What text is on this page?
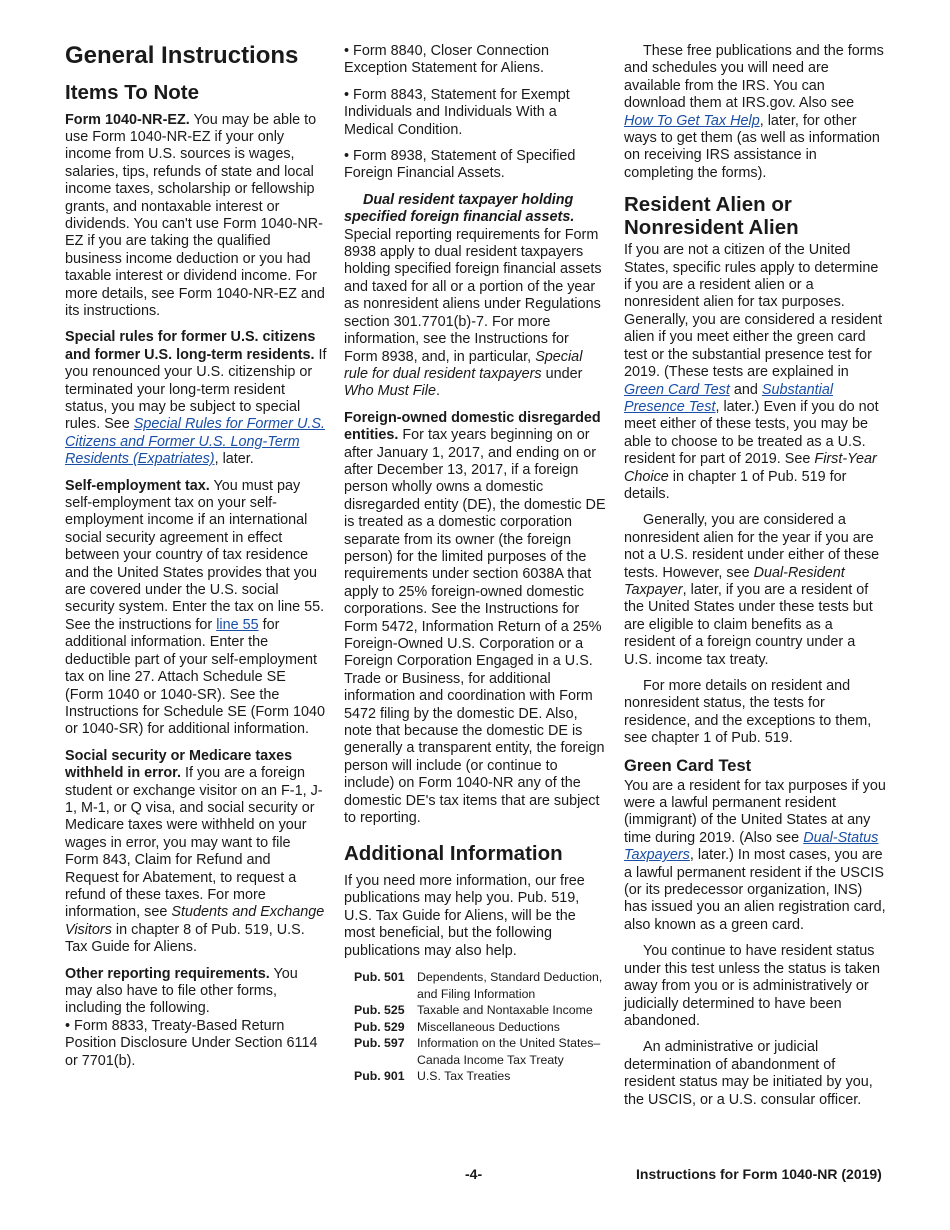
General Instructions
Items To Note

Form 1040-NR-EZ. You may be able to use Form 1040-NR-EZ if your only income from U.S. sources is wages, salaries, tips, refunds of state and local income taxes, scholarship or fellowship grants, and nontaxable interest or dividends. You can't use Form 1040-NR-EZ if you are taking the qualified business income deduction or you had taxable interest or dividend income. For more details, see Form 1040-NR-EZ and its instructions.

Special rules for former U.S. citizens and former U.S. long-term residents. If you renounced your U.S. citizenship or terminated your long-term resident status, you may be subject to special rules. See Special Rules for Former U.S. Citizens and Former U.S. Long-Term Residents (Expatriates), later.

Self-employment tax. You must pay self-employment tax on your self-employment income if an international social security agreement in effect between your country of tax residence and the United States provides that you are covered under the U.S. social security system. Enter the tax on line 55. See the instructions for line 55 for additional information. Enter the deductible part of your self-employment tax on line 27. Attach Schedule SE (Form 1040 or 1040-SR). See the Instructions for Schedule SE (Form 1040 or 1040-SR) for additional information.

Social security or Medicare taxes withheld in error. If you are a foreign student or exchange visitor on an F-1, J-1, M-1, or Q visa, and social security or Medicare taxes were withheld on your wages in error, you may want to file Form 843, Claim for Refund and Request for Abatement, to request a refund of these taxes. For more information, see Students and Exchange Visitors in chapter 8 of Pub. 519, U.S. Tax Guide for Aliens.

Other reporting requirements. You may also have to file other forms, including the following.

• Form 8833, Treaty-Based Return Position Disclosure Under Section 6114 or 7701(b).

• Form 8840, Closer Connection Exception Statement for Aliens.

• Form 8843, Statement for Exempt Individuals and Individuals With a Medical Condition.

• Form 8938, Statement of Specified Foreign Financial Assets.

Dual resident taxpayer holding specified foreign financial assets. Special reporting requirements for Form 8938 apply to dual resident taxpayers holding specified foreign financial assets and taxed for all or a portion of the year as nonresident aliens under Regulations section 301.7701(b)-7. For more information, see the Instructions for Form 8938, and, in particular, Special rule for dual resident taxpayers under Who Must File.

Foreign-owned domestic disregarded entities. For tax years beginning on or after January 1, 2017, and ending on or after December 13, 2017, if a foreign person wholly owns a domestic disregarded entity (DE), the domestic DE is treated as a domestic corporation separate from its owner (the foreign person) for the limited purposes of the requirements under section 6038A that apply to 25% foreign-owned domestic corporations. See the Instructions for Form 5472, Information Return of a 25% Foreign-Owned U.S. Corporation or a Foreign Corporation Engaged in a U.S. Trade or Business, for additional information and coordination with Form 5472 filing by the domestic DE. Also, note that because the domestic DE is generally a transparent entity, the foreign person will include (or continue to include) on Form 1040-NR any of the domestic DE's tax items that are subject to reporting.

Additional Information

If you need more information, our free publications may help you. Pub. 519, U.S. Tax Guide for Aliens, will be the most beneficial, but the following publications may also help.

Pub. 501	Dependents, Standard Deduction, and Filing Information
Pub. 525	Taxable and Nontaxable Income
Pub. 529	Miscellaneous Deductions
Pub. 597	Information on the United States–Canada Income Tax Treaty
Pub. 901	U.S. Tax Treaties

These free publications and the forms and schedules you will need are available from the IRS. You can download them at IRS.gov. Also see How To Get Tax Help, later, for other ways to get them (as well as information on receiving IRS assistance in completing the forms).

Resident Alien or Nonresident Alien

If you are not a citizen of the United States, specific rules apply to determine if you are a resident alien or a nonresident alien for tax purposes. Generally, you are considered a resident alien if you meet either the green card test or the substantial presence test for 2019. (These tests are explained in Green Card Test and Substantial Presence Test, later.) Even if you do not meet either of these tests, you may be able to choose to be treated as a U.S. resident for part of 2019. See First-Year Choice in chapter 1 of Pub. 519 for details.

Generally, you are considered a nonresident alien for the year if you are not a U.S. resident under either of these tests. However, see Dual-Resident Taxpayer, later, if you are a resident of the United States under these tests but are eligible to claim benefits as a resident of a foreign country under a U.S. income tax treaty.

For more details on resident and nonresident status, the tests for residence, and the exceptions to them, see chapter 1 of Pub. 519.

Green Card Test

You are a resident for tax purposes if you were a lawful permanent resident (immigrant) of the United States at any time during 2019. (Also see Dual-Status Taxpayers, later.) In most cases, you are a lawful permanent resident if the USCIS (or its predecessor organization, INS) has issued you an alien registration card, also known as a green card.

You continue to have resident status under this test unless the status is taken away from you or is administratively or judicially determined to have been abandoned.

An administrative or judicial determination of abandonment of resident status may be initiated by you, the USCIS, or a U.S. consular officer.

-4-	Instructions for Form 1040-NR (2019)
